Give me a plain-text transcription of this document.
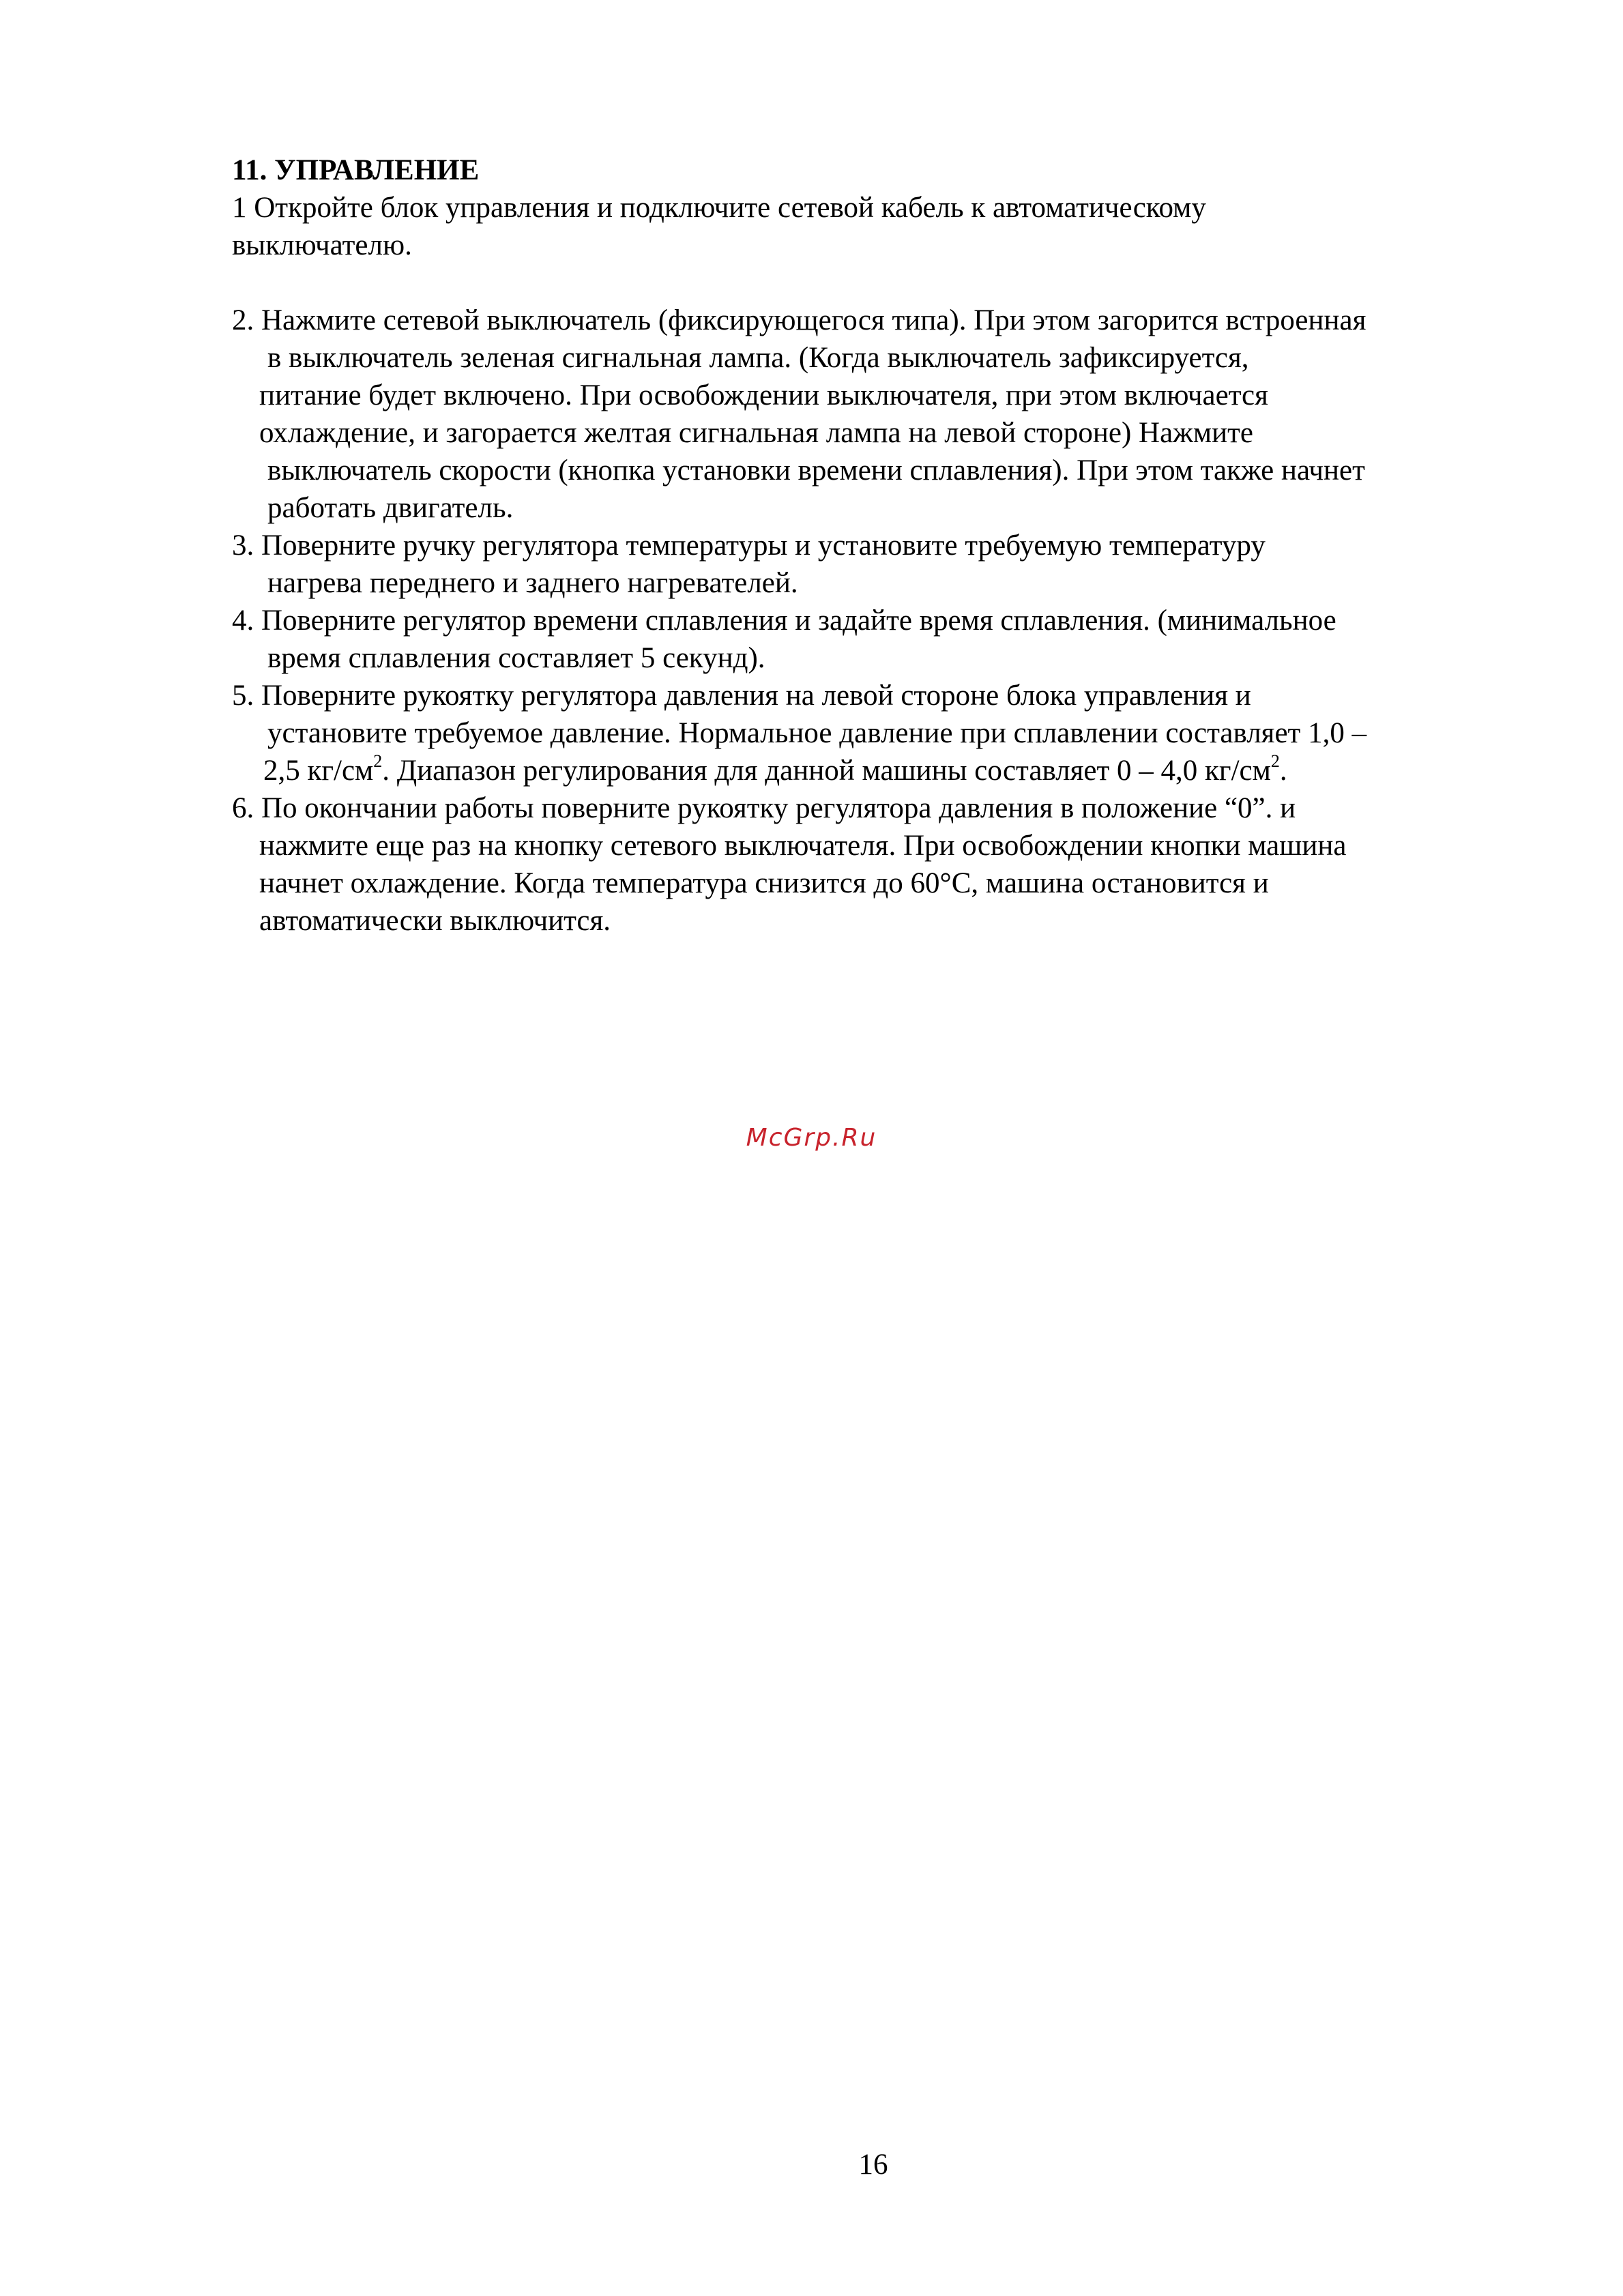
11. УПРАВЛЕНИЕ

1 Откройте блок управления и подключите сетевой кабель к автоматическому

выключателю.

2. Нажмите сетевой выключатель (фиксирующегося типа). При этом загорится встроенная

в выключатель зеленая сигнальная лампа. (Когда выключатель зафиксируется,

питание будет включено. При освобождении выключателя, при этом включается

охлаждение, и загорается желтая сигнальная лампа на левой стороне) Нажмите

выключатель скорости (кнопка установки времени сплавления). При этом также начнет

работать двигатель.

3. Поверните ручку регулятора температуры и установите требуемую температуру

нагрева переднего и заднего нагревателей.

4. Поверните регулятор времени сплавления и задайте время сплавления. (минимальное

время сплавления составляет 5 секунд).

5. Поверните рукоятку регулятора давления на левой стороне блока управления и

установите требуемое давление. Нормальное давление при сплавлении составляет 1,0 –

2,5 $кг/см^2$. Диапазон регулирования для данной машины составляет 0 – 4,0 $кг/см^2$.

6. По окончании работы поверните рукоятку регулятора давления в положение “0”. и

нажмите еще раз на кнопку сетевого выключателя. При освобождении кнопки машина

начнет охлаждение. Когда температура снизится до 60°C, машина остановится и

автоматически выключится.

McGrp.Ru
16
